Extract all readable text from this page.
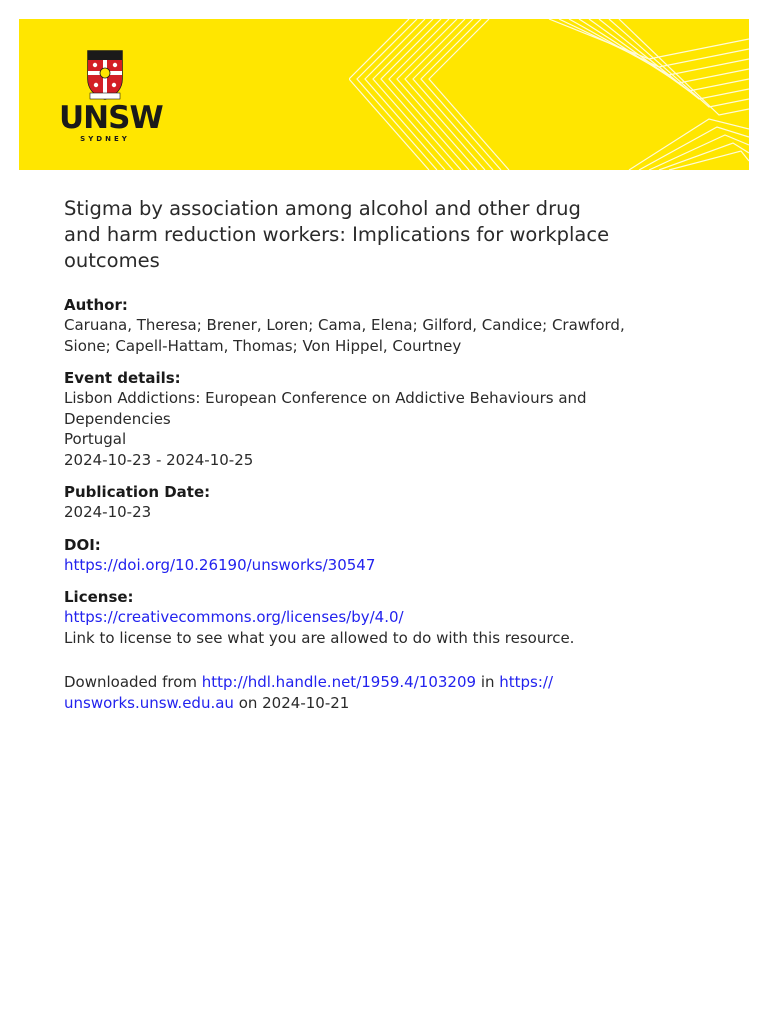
UNSW
SYDNEY
Stigma by association among alcohol and other drug
and harm reduction workers: Implications for workplace
outcomes
Author:
Caruana, Theresa; Brener, Loren; Cama, Elena; Gilford, Candice; Crawford,
Sione; Capell-Hattam, Thomas; Von Hippel, Courtney
Event details:
Lisbon Addictions: European Conference on Addictive Behaviours and
Dependencies
Portugal
2024-10-23 - 2024-10-25
Publication Date:
2024-10-23
DOI:
https://doi.org/10.26190/unsworks/30547
License:
https://creativecommons.org/licenses/by/4.0/
Link to license to see what you are allowed to do with this resource.
Downloaded from http://hdl.handle.net/1959.4/103209 in https://
unsworks.unsw.edu.au on 2024-10-21
